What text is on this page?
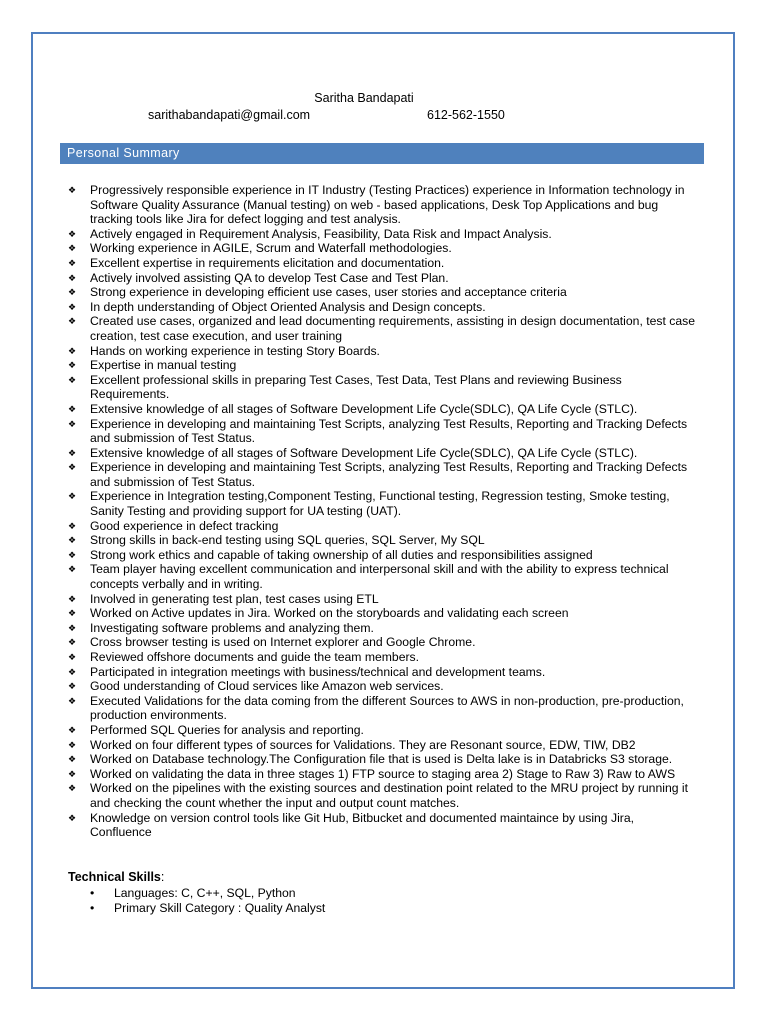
Saritha Bandapati
sarithabandapati@gmail.com	612-562-1550
Personal Summary
❖ Progressively responsible experience in IT Industry (Testing Practices) experience in Information technology in Software Quality Assurance (Manual testing) on web - based applications, Desk Top Applications and bug tracking tools like Jira for defect logging and test analysis.
❖ Actively engaged in Requirement Analysis, Feasibility, Data Risk and Impact Analysis.
❖ Working experience in AGILE, Scrum and Waterfall methodologies.
❖ Excellent expertise in requirements elicitation and documentation.
❖ Actively involved assisting QA to develop Test Case and Test Plan.
❖ Strong experience in developing efficient use cases, user stories and acceptance criteria
❖ In depth understanding of Object Oriented Analysis and Design concepts.
❖ Created use cases, organized and lead documenting requirements, assisting in design documentation, test case creation, test case execution, and user training
❖ Hands on working experience in testing Story Boards.
❖ Expertise in manual testing
❖ Excellent professional skills in preparing Test Cases, Test Data, Test Plans and reviewing Business Requirements.
❖ Extensive knowledge of all stages of Software Development Life Cycle(SDLC), QA Life Cycle (STLC).
❖ Experience in developing and maintaining Test Scripts, analyzing Test Results, Reporting and Tracking Defects and submission of Test Status.
❖ Extensive knowledge of all stages of Software Development Life Cycle(SDLC), QA Life Cycle (STLC).
❖ Experience in developing and maintaining Test Scripts, analyzing Test Results, Reporting and Tracking Defects and submission of Test Status.
❖ Experience in Integration testing,Component Testing, Functional testing, Regression testing, Smoke testing, Sanity Testing and providing support for UA testing (UAT).
❖ Good experience in defect tracking
❖ Strong skills in back-end testing using SQL queries, SQL Server, My SQL
❖ Strong work ethics and capable of taking ownership of all duties and responsibilities assigned
❖ Team player having excellent communication and interpersonal skill and with the ability to express technical concepts verbally and in writing.
❖ Involved in generating test plan, test cases using ETL
❖ Worked on Active updates in Jira. Worked on the storyboards and validating each screen
❖ Investigating software problems and analyzing them.
❖ Cross browser testing is used on Internet explorer and Google Chrome.
❖ Reviewed offshore documents and guide the team members.
❖ Participated in integration meetings with business/technical and development teams.
❖ Good understanding of Cloud services like Amazon web services.
❖ Executed Validations for the data coming from the different Sources to AWS in non-production, pre-production, production environments.
❖ Performed SQL Queries for analysis and reporting.
❖ Worked on four different types of sources for Validations. They are Resonant source, EDW, TIW, DB2
❖ Worked on Database technology.The Configuration file that is used is Delta lake is in Databricks S3 storage.
❖ Worked on validating the data in three stages 1) FTP source to staging area 2) Stage to Raw 3) Raw to AWS
❖ Worked on the pipelines with the existing sources and destination point related to the MRU project by running it and checking the count whether the input and output count matches.
❖ Knowledge on version control tools like Git Hub, Bitbucket and documented maintaince by using Jira, Confluence
Technical Skills:
• Languages: C, C++, SQL, Python
• Primary Skill Category : Quality Analyst
